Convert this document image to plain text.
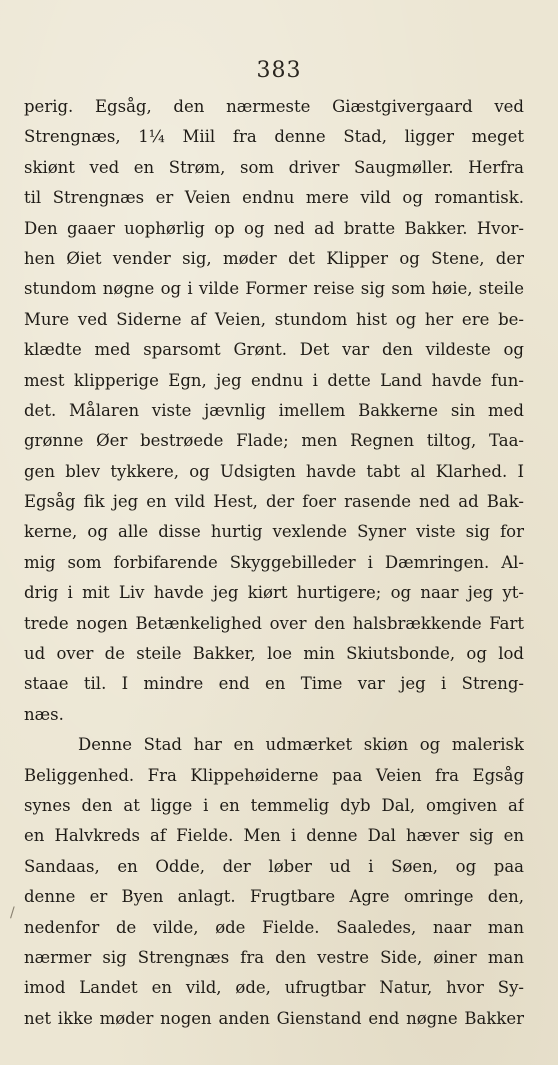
383
perig. Egsåg, den nærmeste Giæstgivergaard ved
Strengnæs, 1¼ Miil fra denne Stad, ligger meget
skiønt ved en Strøm, som driver Saugmøller. Herfra
til Strengnæs er Veien endnu mere vild og romantisk.
Den gaaer uophørlig op og ned ad bratte Bakker. Hvor-
hen Øiet vender sig, møder det Klipper og Stene, der
stundom nøgne og i vilde Former reise sig som høie, steile
Mure ved Siderne af Veien, stundom hist og her ere be-
klædte med sparsomt Grønt. Det var den vildeste og
mest klipperige Egn, jeg endnu i dette Land havde fun-
det. Målaren viste jævnlig imellem Bakkerne sin med
grønne Øer bestrøede Flade; men Regnen tiltog, Taa-
gen blev tykkere, og Udsigten havde tabt al Klarhed. I
Egsåg fik jeg en vild Hest, der foer rasende ned ad Bak-
kerne, og alle disse hurtig vexlende Syner viste sig for
mig som forbifarende Skyggebilleder i Dæmringen. Al-
drig i mit Liv havde jeg kiørt hurtigere; og naar jeg yt-
trede nogen Betænkelighed over den halsbrækkende Fart
ud over de steile Bakker, loe min Skiutsbonde, og lod
staae til. I mindre end en Time var jeg i Streng-
næs.
Denne Stad har en udmærket skiøn og malerisk
Beliggenhed. Fra Klippehøiderne paa Veien fra Egsåg
synes den at ligge i en temmelig dyb Dal, omgiven af
en Halvkreds af Fielde. Men i denne Dal hæver sig en
Sandaas, en Odde, der løber ud i Søen, og paa
denne er Byen anlagt. Frugtbare Agre omringe den,
nedenfor de vilde, øde Fielde. Saaledes, naar man
nærmer sig Strengnæs fra den vestre Side, øiner man
imod Landet en vild, øde, ufrugtbar Natur, hvor Sy-
net ikke møder nogen anden Gienstand end nøgne Bakker
/
